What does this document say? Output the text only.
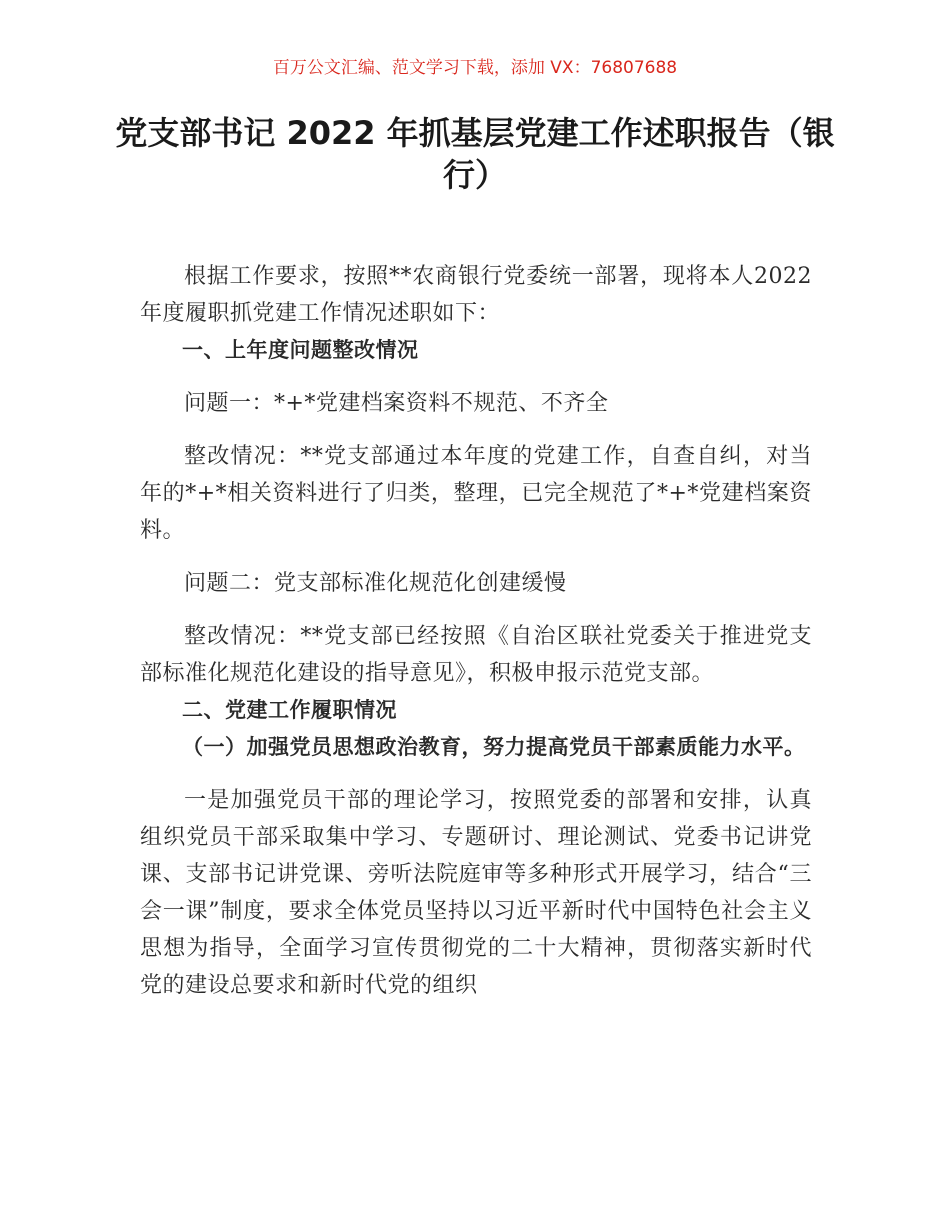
百万公文汇编、范文学习下载，添加 VX：76807688
党支部书记 2022 年抓基层党建工作述职报告（银行）

根据工作要求，按照**农商银行党委统一部署，现将本人2022年度履职抓党建工作情况述职如下：

一、上年度问题整改情况

问题一：*+*党建档案资料不规范、不齐全

整改情况：**党支部通过本年度的党建工作，自查自纠，对当年的*+*相关资料进行了归类，整理，已完全规范了*+*党建档案资料。

问题二：党支部标准化规范化创建缓慢

整改情况：**党支部已经按照《自治区联社党委关于推进党支部标准化规范化建设的指导意见》，积极申报示范党支部。

二、党建工作履职情况

（一）加强党员思想政治教育，努力提高党员干部素质能力水平。

一是加强党员干部的理论学习，按照党委的部署和安排，认真组织党员干部采取集中学习、专题研讨、理论测试、党委书记讲党课、支部书记讲党课、旁听法院庭审等多种形式开展学习，结合“三会一课”制度，要求全体党员坚持以习近平新时代中国特色社会主义思想为指导，全面学习宣传贯彻党的二十大精神，贯彻落实新时代党的建设总要求和新时代党的组织
